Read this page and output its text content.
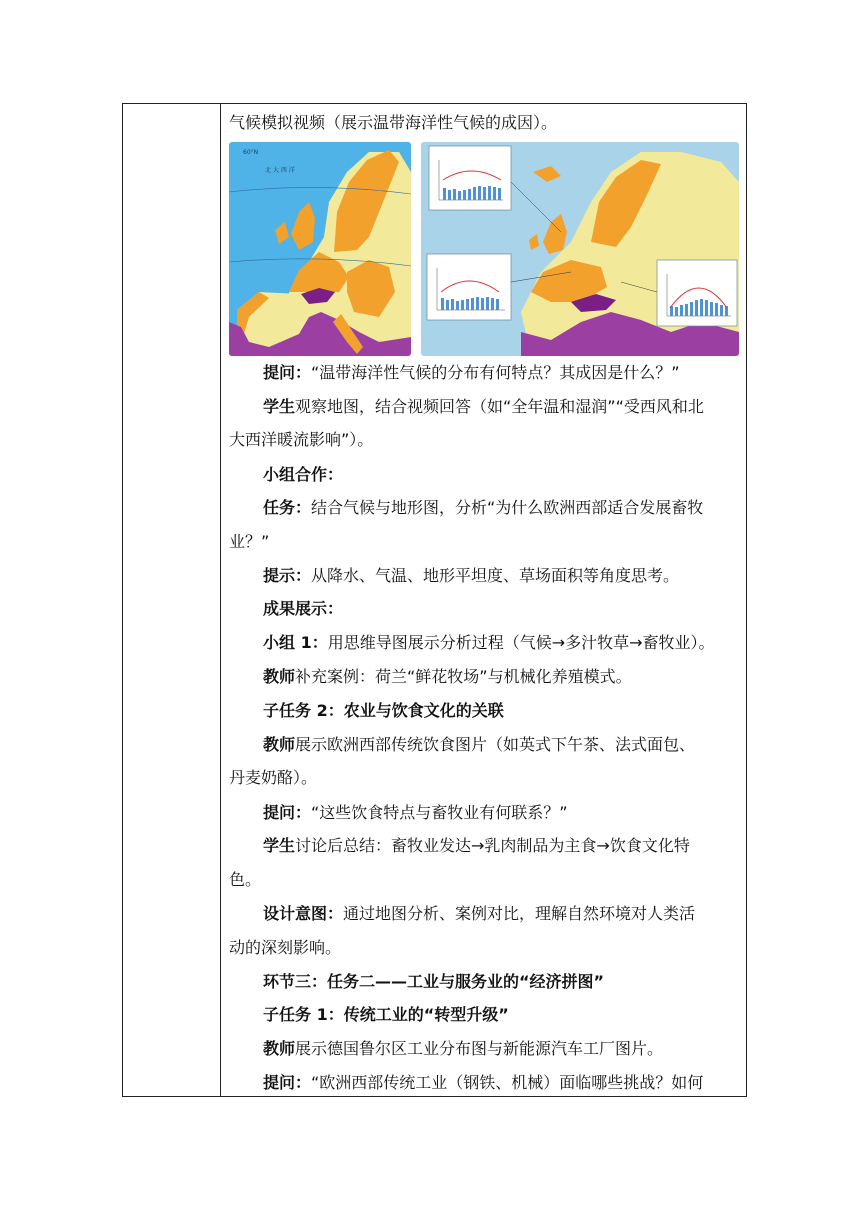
气候模拟视频（展示温带海洋性气候的成因）。
60°N
北 大 西 洋
提问：“温带海洋性气候的分布有何特点？其成因是什么？”
学生观察地图，结合视频回答（如“全年温和湿润”“受西风和北
大西洋暖流影响”）。
小组合作：
任务：结合气候与地形图，分析“为什么欧洲西部适合发展畜牧
业？”
提示：从降水、气温、地形平坦度、草场面积等角度思考。
成果展示：
小组 1：用思维导图展示分析过程（气候→多汁牧草→畜牧业）。
教师补充案例：荷兰“鲜花牧场”与机械化养殖模式。
子任务 2：农业与饮食文化的关联
教师展示欧洲西部传统饮食图片（如英式下午茶、法式面包、
丹麦奶酪）。
提问：“这些饮食特点与畜牧业有何联系？”
学生讨论后总结：畜牧业发达→乳肉制品为主食→饮食文化特
色。
设计意图：通过地图分析、案例对比，理解自然环境对人类活
动的深刻影响。
环节三：任务二——工业与服务业的“经济拼图”
子任务 1：传统工业的“转型升级”
教师展示德国鲁尔区工业分布图与新能源汽车工厂图片。
提问：“欧洲西部传统工业（钢铁、机械）面临哪些挑战？如何
